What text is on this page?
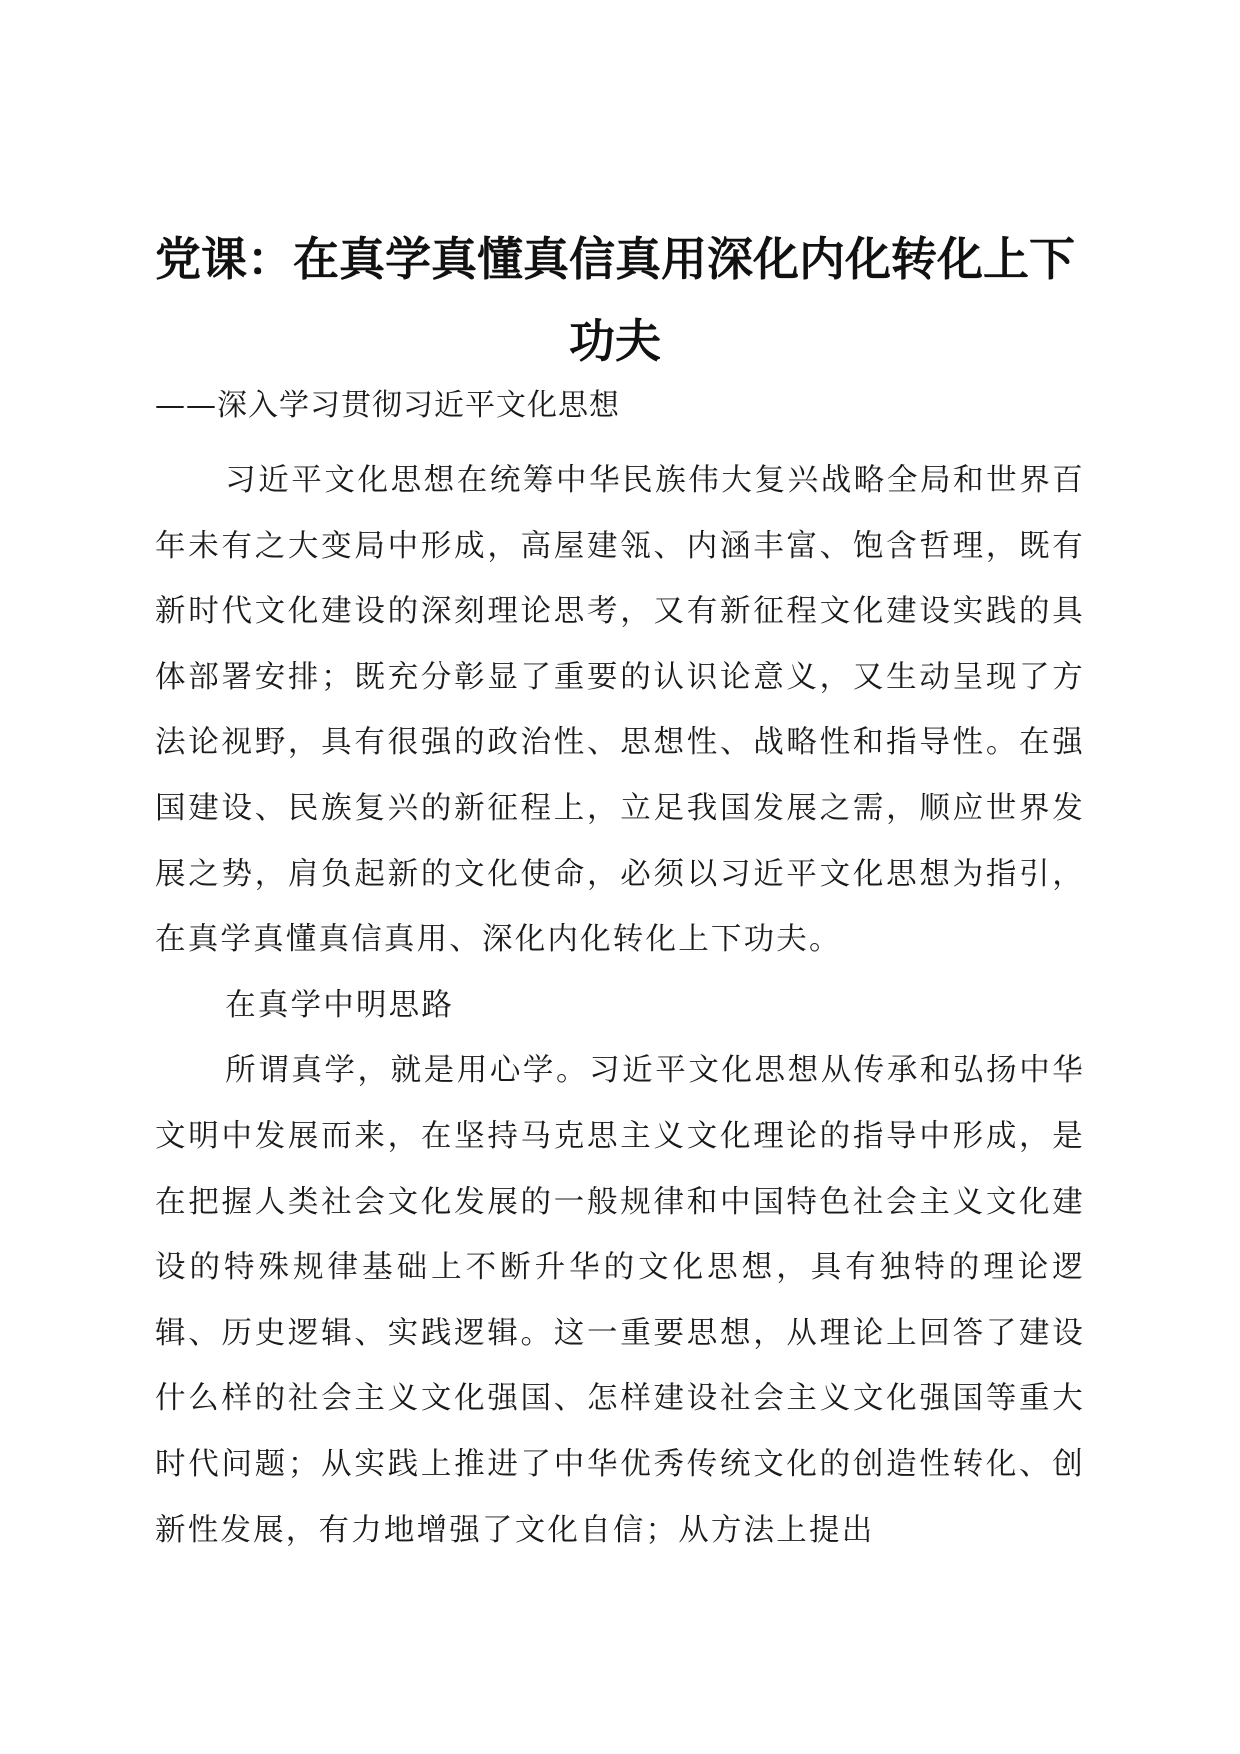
党课：在真学真懂真信真用深化内化转化上下功夫

——深入学习贯彻习近平文化思想

习近平文化思想在统筹中华民族伟大复兴战略全局和世界百年未有之大变局中形成，高屋建瓴、内涵丰富、饱含哲理，既有新时代文化建设的深刻理论思考，又有新征程文化建设实践的具体部署安排；既充分彰显了重要的认识论意义，又生动呈现了方法论视野，具有很强的政治性、思想性、战略性和指导性。在强国建设、民族复兴的新征程上，立足我国发展之需，顺应世界发展之势，肩负起新的文化使命，必须以习近平文化思想为指引，在真学真懂真信真用、深化内化转化上下功夫。

在真学中明思路

所谓真学，就是用心学。习近平文化思想从传承和弘扬中华文明中发展而来，在坚持马克思主义文化理论的指导中形成，是在把握人类社会文化发展的一般规律和中国特色社会主义文化建设的特殊规律基础上不断升华的文化思想，具有独特的理论逻辑、历史逻辑、实践逻辑。这一重要思想，从理论上回答了建设什么样的社会主义文化强国、怎样建设社会主义文化强国等重大时代问题；从实践上推进了中华优秀传统文化的创造性转化、创新性发展，有力地增强了文化自信；从方法上提出
